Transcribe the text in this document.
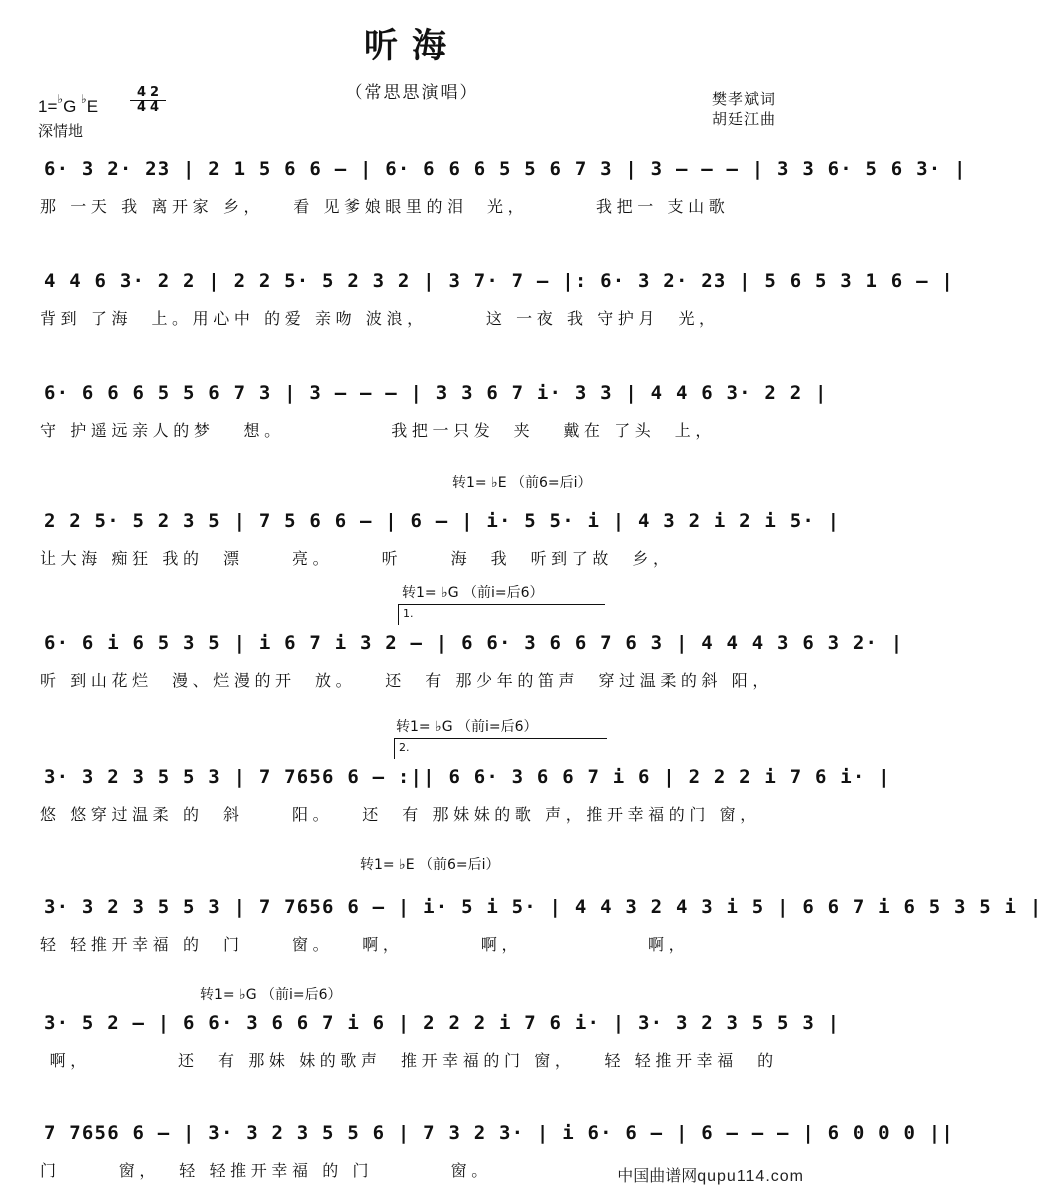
听海
（常思思演唱）
1=♭G ♭E
4 2
4 4
深情地
樊孝斌词
胡廷江曲
6· 3 2· 23 | 2 1 5 6 6 — | 6· 6 6 6 5 5 6 7 3 | 3 — — — | 3 3 6· 5 6 3· |
那 一天 我 离开家 乡，   看 见爹娘眼里的泪  光，       我把一 支山歌
4 4 6 3· 2 2 | 2 2 5· 5 2 3 2 | 3 7· 7 — |: 6· 3 2· 23 | 5 6 5 3 1 6 — |
背到 了海  上。用心中 的爱 亲吻 波浪，      这 一夜 我 守护月  光，
6· 6 6 6 5 5 6 7 3 | 3 — — — | 3 3 6 7 i· 3 3 | 4 4 6 3· 2 2 |
守 护遥远亲人的梦   想。           我把一只发  夹   戴在 了头  上，
转1= ♭E （前6=后i）
2 2 5· 5 2 3 5 | 7 5 6 6 — | 6 — | i· 5 5· i | 4 3 2 i 2 i 5· |
让大海 痴狂 我的  漂     亮。     听     海  我  听到了故  乡，
转1= ♭G （前i=后6）
1.
6· 6 i 6 5 3 5 | i 6 7 i 3 2 — | 6 6· 3 6 6 7 6 3 | 4 4 4 3 6 3 2· |
听 到山花烂  漫、烂漫的开  放。   还  有 那少年的笛声  穿过温柔的斜 阳，
转1= ♭G （前i=后6）
2.
3· 3 2 3 5 5 3 | 7 7656 6 — :|| 6 6· 3 6 6 7 i 6 | 2 2 2 i 7 6 i· |
悠 悠穿过温柔 的  斜     阳。   还  有 那妹妹的歌 声，推开幸福的门 窗，
转1= ♭E （前6=后i）
3· 3 2 3 5 5 3 | 7 7656 6 — | i· 5 i 5· | 4 4 3 2 4 3 i 5 | 6 6 7 i 6 5 3 5 i |
轻 轻推开幸福 的  门     窗。   啊，        啊，             啊，
转1= ♭G （前i=后6）
3· 5 2 — | 6 6· 3 6 6 7 i 6 | 2 2 2 i 7 6 i· | 3· 3 2 3 5 5 3 |
啊，         还  有 那妹 妹的歌声  推开幸福的门 窗，   轻 轻推开幸福  的
7 7656 6 — | 3· 3 2 3 5 5 6 | 7 3 2 3· | i 6· 6 — | 6 — — — | 6 0 0 0 ||
门      窗，  轻 轻推开幸福 的 门        窗。	中国曲谱网qupu114.com
